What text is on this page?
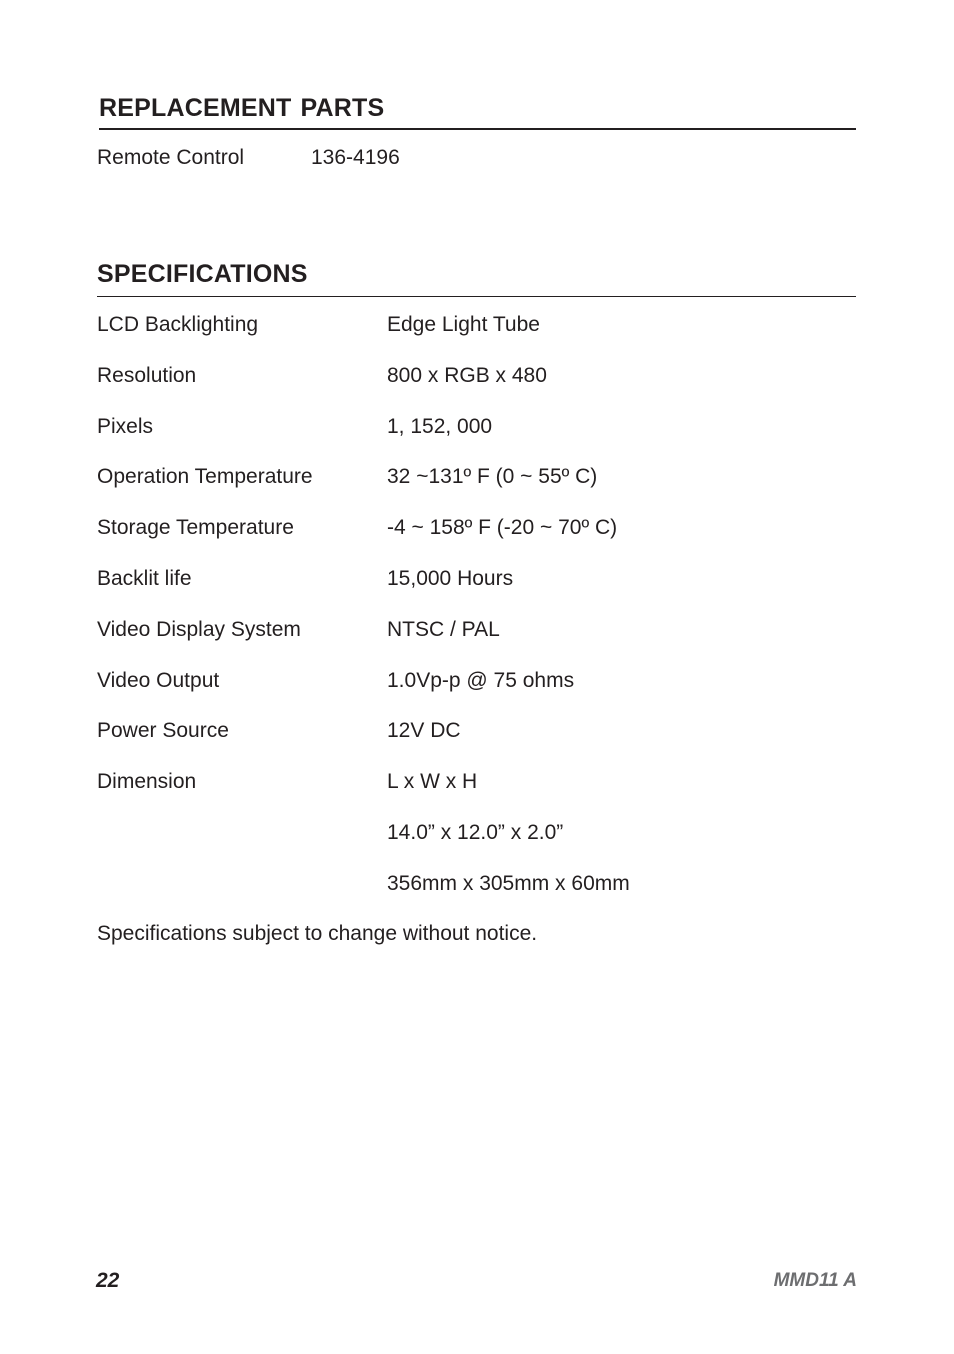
REPLACEMENT PARTS
Remote Control	136-4196
SPECIFICATIONS
LCD Backlighting	Edge Light Tube
Resolution	800 x RGB x 480
Pixels	1, 152, 000
Operation Temperature	32 ~131º F (0 ~ 55º C)
Storage Temperature	-4 ~ 158º F (-20 ~ 70º C)
Backlit life	15,000 Hours
Video Display System	NTSC / PAL
Video Output	1.0Vp-p @ 75 ohms
Power Source	12V DC
Dimension	L x W x H
14.0” x 12.0” x 2.0”
356mm x 305mm x 60mm
Specifications subject to change without notice.
22	MMD11 A
